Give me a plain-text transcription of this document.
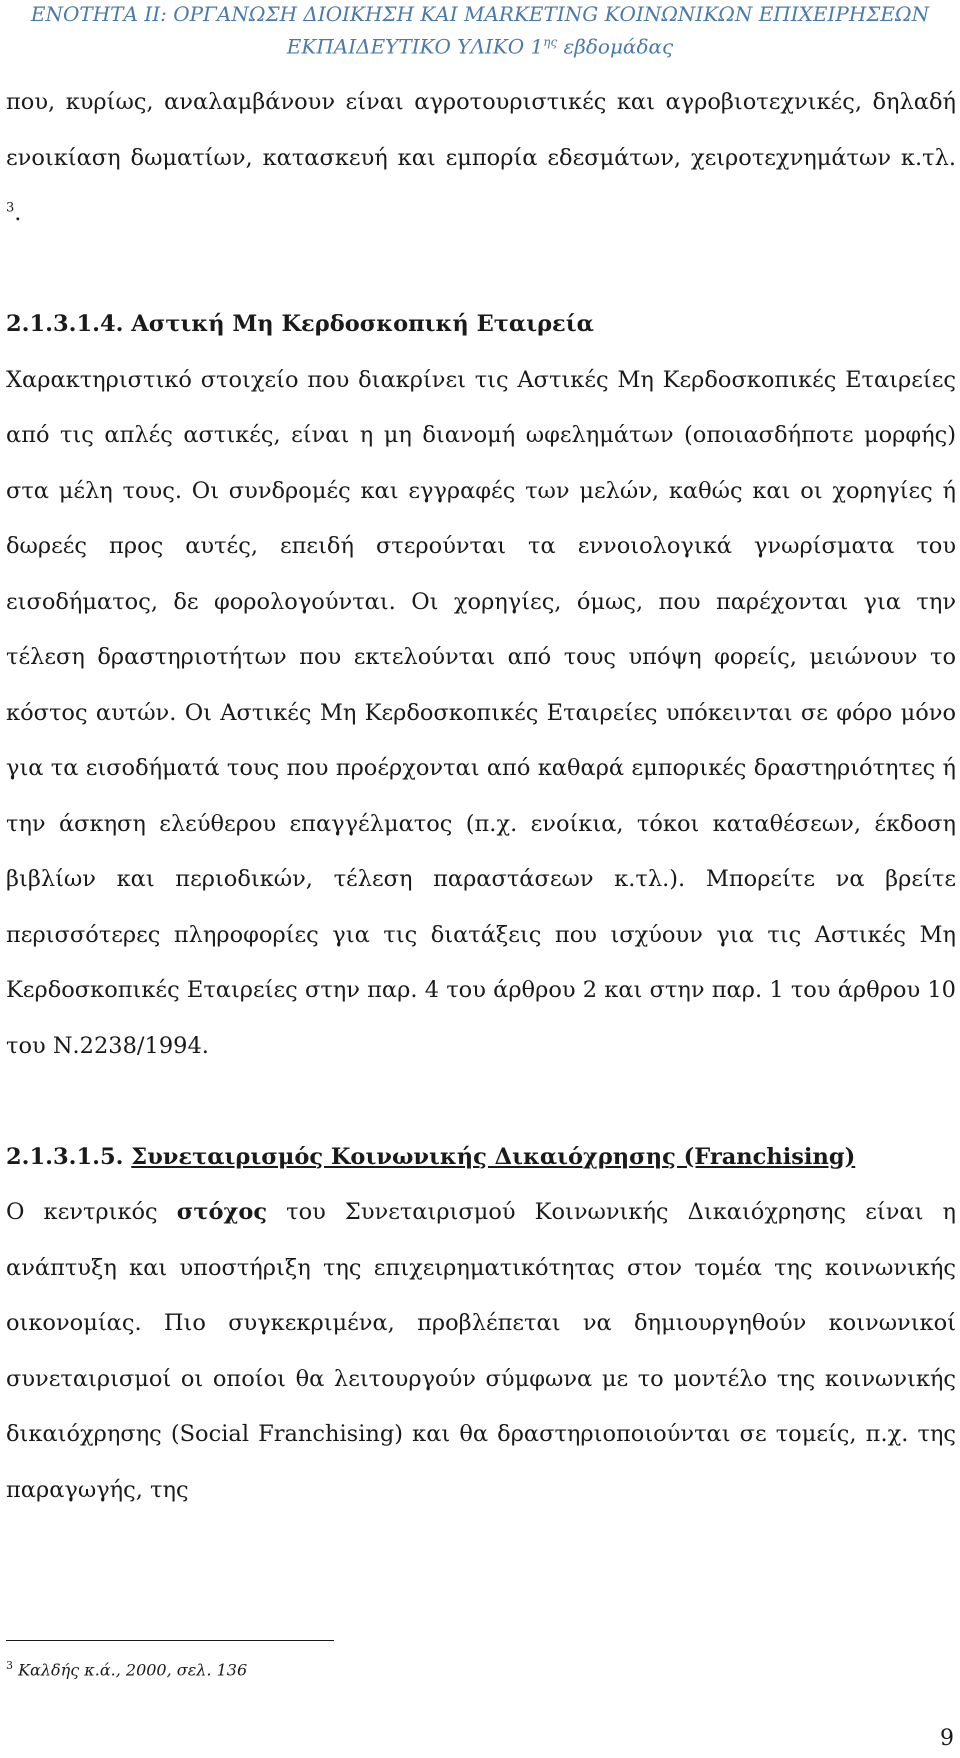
ΕΝΟΤΗΤΑ ΙΙ: ΟΡΓΑΝΩΣΗ ΔΙΟΙΚΗΣΗ ΚΑΙ MARKETING ΚΟΙΝΩΝΙΚΩΝ ΕΠΙΧΕΙΡΗΣΕΩΝ
ΕΚΠΑΙΔΕΥΤΙΚΟ ΥΛΙΚΟ $1^{\eta\varsigma}$ εβδομάδας

που, κυρίως, αναλαμβάνουν είναι αγροτουριστικές και αγροβιοτεχνικές, δηλαδή ενοικίαση δωματίων, κατασκευή και εμπορία εδεσμάτων, χειροτεχνημάτων κ.τλ. $^3$.

2.1.3.1.4. Αστική Μη Κερδοσκοπική Εταιρεία

Χαρακτηριστικό στοιχείο που διακρίνει τις Αστικές Μη Κερδοσκοπικές Εταιρείες από τις απλές αστικές, είναι η μη διανομή ωφελημάτων (οποιασδήποτε μορφής) στα μέλη τους. Οι συνδρομές και εγγραφές των μελών, καθώς και οι χορηγίες ή δωρεές προς αυτές, επειδή στερούνται τα εννοιολογικά γνωρίσματα του εισοδήματος, δε φορολογούνται. Οι χορηγίες, όμως, που παρέχονται για την τέλεση δραστηριοτήτων που εκτελούνται από τους υπόψη φορείς, μειώνουν το κόστος αυτών. Οι Αστικές Μη Κερδοσκοπικές Εταιρείες υπόκεινται σε φόρο μόνο για τα εισοδήματά τους που προέρχονται από καθαρά εμπορικές δραστηριότητες ή την άσκηση ελεύθερου επαγγέλματος (π.χ. ενοίκια, τόκοι καταθέσεων, έκδοση βιβλίων και περιοδικών, τέλεση παραστάσεων κ.τλ.). Μπορείτε να βρείτε περισσότερες πληροφορίες για τις διατάξεις που ισχύουν για τις Αστικές Μη Κερδοσκοπικές Εταιρείες στην παρ. 4 του άρθρου 2 και στην παρ. 1 του άρθρου 10 του Ν.2238/1994.

2.1.3.1.5. Συνεταιρισμός Κοινωνικής Δικαιόχρησης (Franchising)

Ο κεντρικός στόχος του Συνεταιρισμού Κοινωνικής Δικαιόχρησης είναι η ανάπτυξη και υποστήριξη της επιχειρηματικότητας στον τομέα της κοινωνικής οικονομίας. Πιο συγκεκριμένα, προβλέπεται να δημιουργηθούν κοινωνικοί συνεταιρισμοί οι οποίοι θα λειτουργούν σύμφωνα με το μοντέλο της κοινωνικής δικαιόχρησης (Social Franchising) και θα δραστηριοποιούνται σε τομείς, π.χ. της παραγωγής, της

$^3$ Καλδής κ.ά., 2000, σελ. 136
9
